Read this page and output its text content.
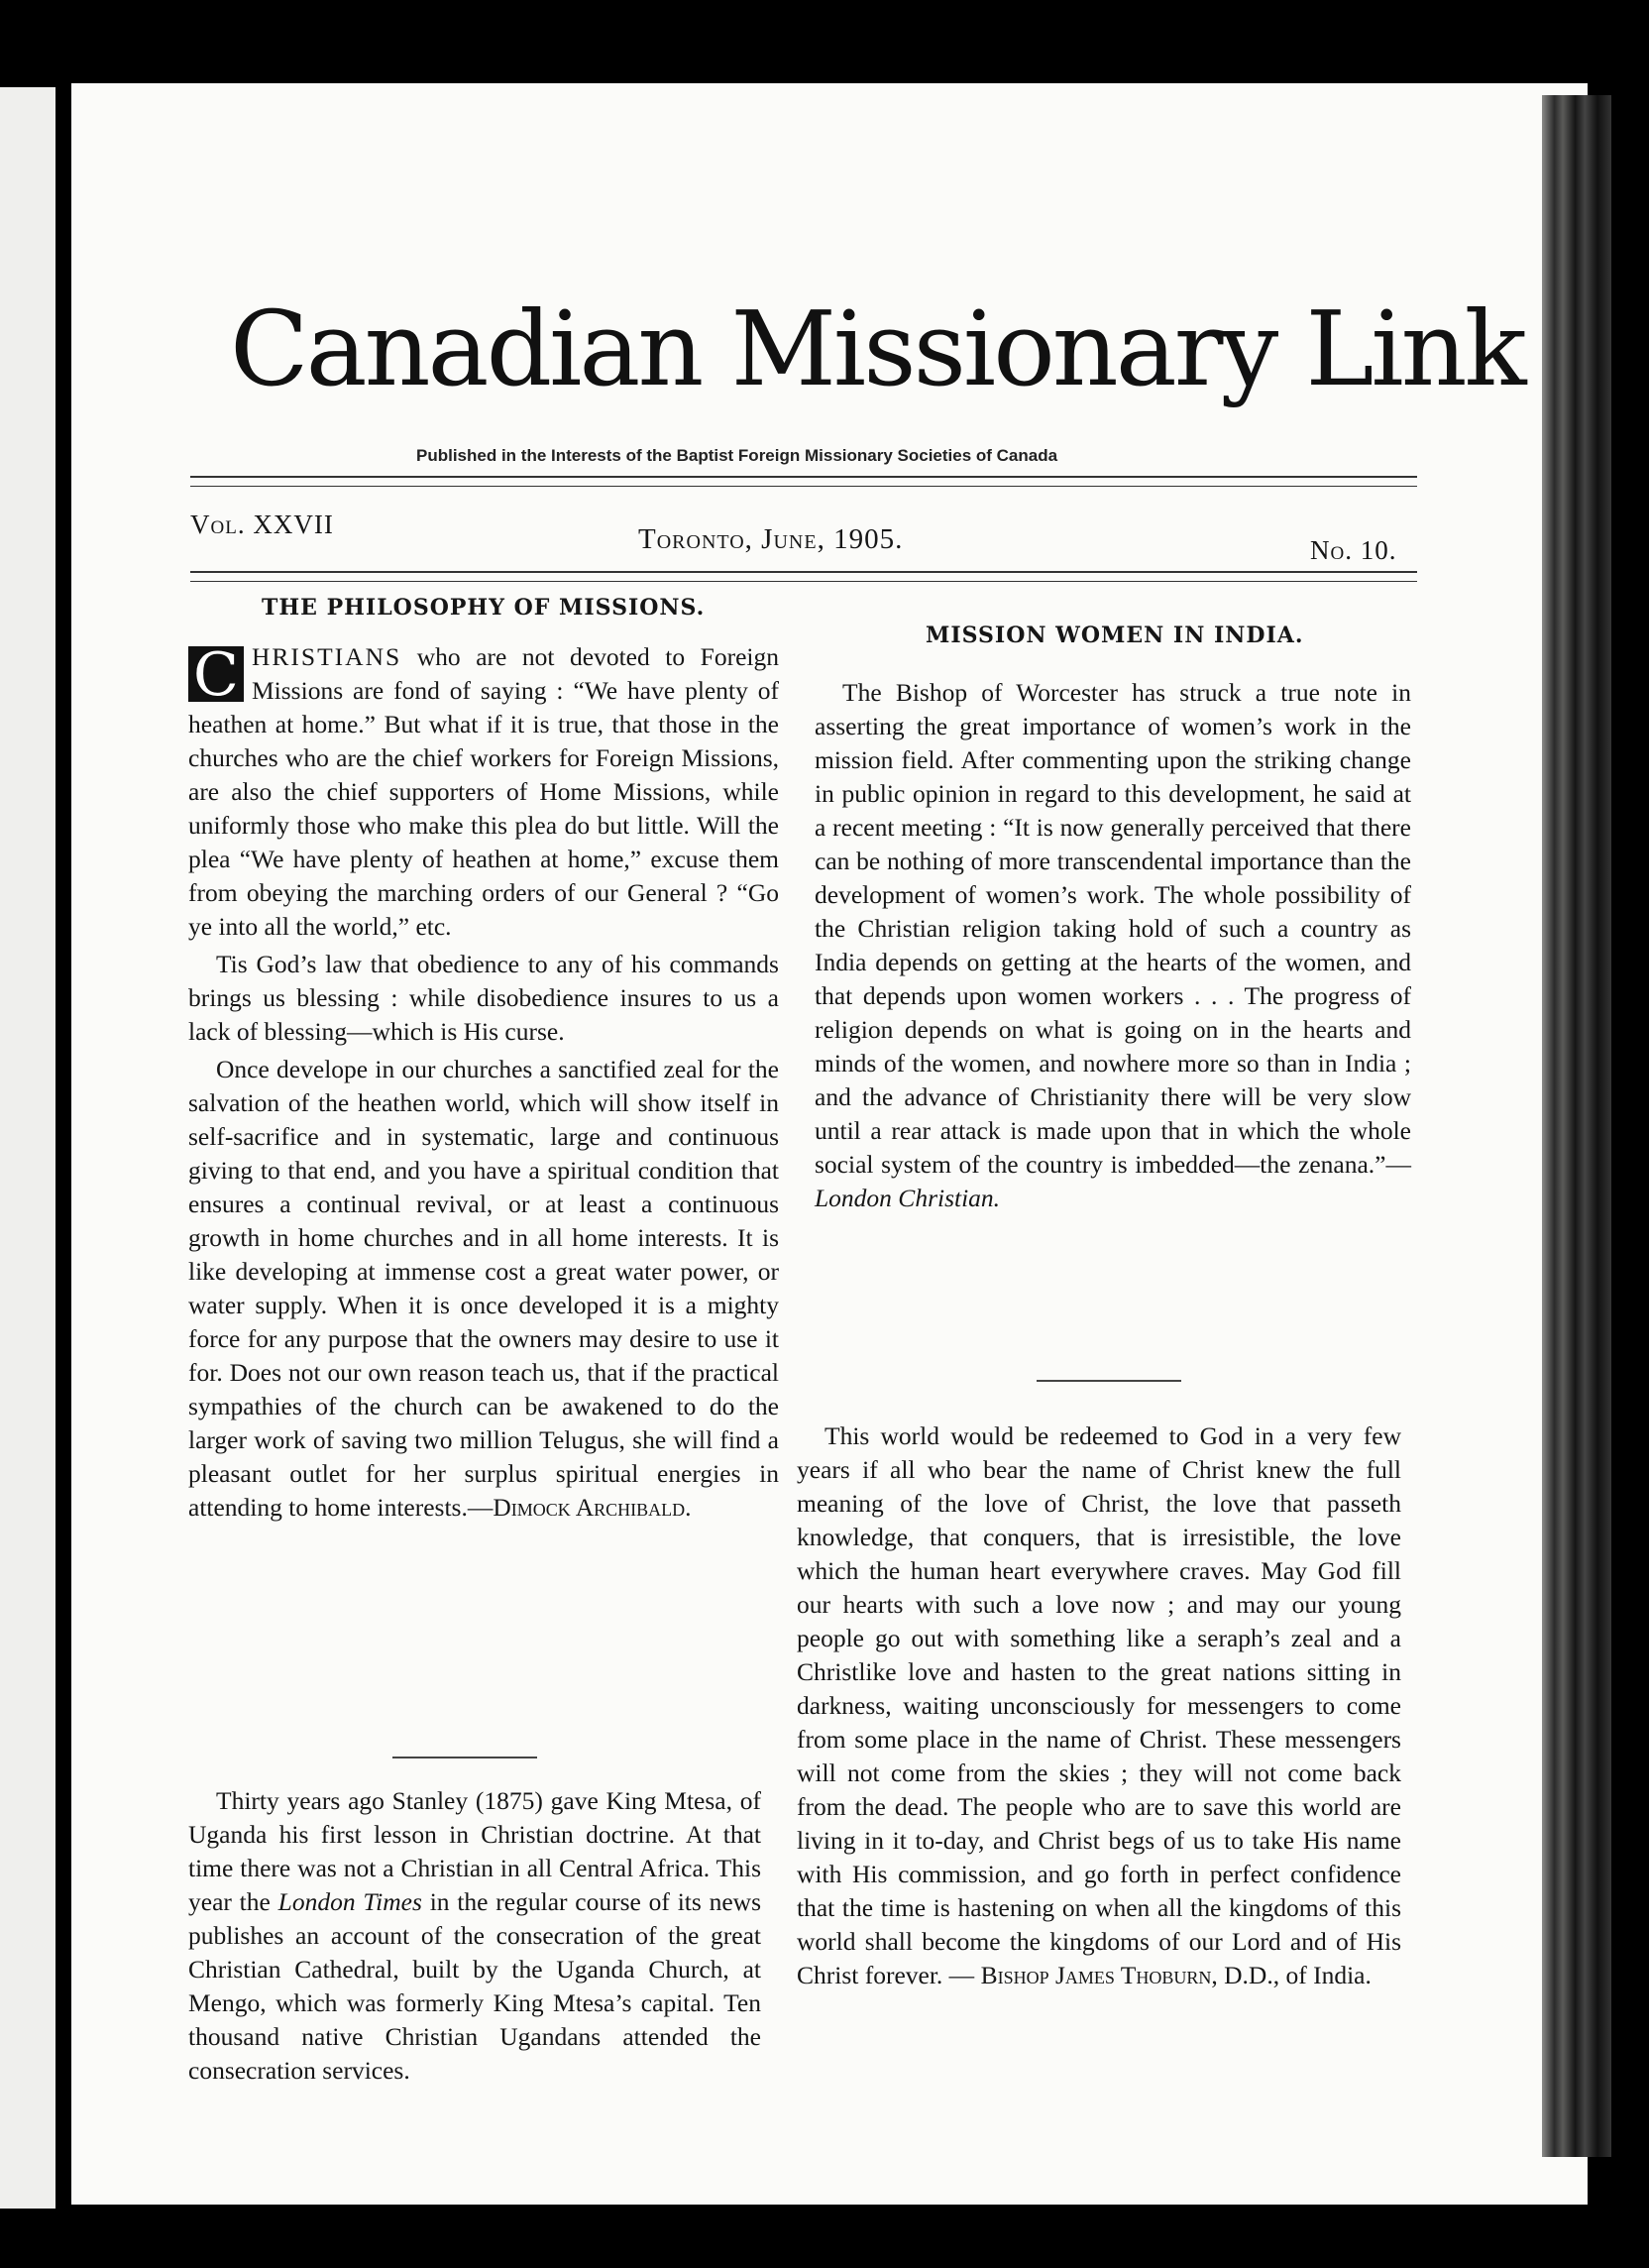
Canadian Missionary Link
Published in the Interests of the Baptist Foreign Missionary Societies of Canada
Vol. XXVII	Toronto, June, 1905.	No. 10.
THE PHILOSOPHY OF MISSIONS.

C HRISTIANS who are not devoted to Foreign Missions are fond of saying : “We have plenty of heathen at home.” But what if it is true, that those in the churches who are the chief workers for Foreign Missions, are also the chief supporters of Home Missions, while uniformly those who make this plea do but little. Will the plea “We have plenty of heathen at home,” excuse them from obeying the marching orders of our General ? “Go ye into all the world,” etc.

Tis God’s law that obedience to any of his commands brings us blessing : while disobedience insures to us a lack of blessing—which is His curse.

Once develope in our churches a sanctified zeal for the salvation of the heathen world, which will show itself in self-sacrifice and in systematic, large and continuous giving to that end, and you have a spiritual condition that ensures a continual revival, or at least a continuous growth in home churches and in all home interests. It is like developing at immense cost a great water power, or water supply. When it is once developed it is a mighty force for any purpose that the owners may desire to use it for. Does not our own reason teach us, that if the practical sympathies of the church can be awakened to do the larger work of saving two million Telugus, she will find a pleasant outlet for her surplus spiritual energies in attending to home interests.—Dimock Archibald.

Thirty years ago Stanley (1875) gave King Mtesa, of Uganda his first lesson in Christian doctrine. At that time there was not a Christian in all Central Africa. This year the London Times in the regular course of its news publishes an account of the consecration of the great Christian Cathedral, built by the Uganda Church, at Mengo, which was formerly King Mtesa’s capital. Ten thousand native Christian Ugandans attended the consecration services.

MISSION WOMEN IN INDIA.

The Bishop of Worcester has struck a true note in asserting the great importance of women’s work in the mission field. After commenting upon the striking change in public opinion in regard to this development, he said at a recent meeting : “It is now generally perceived that there can be nothing of more transcendental importance than the development of women’s work. The whole possibility of the Christian religion taking hold of such a country as India depends on getting at the hearts of the women, and that depends upon women workers . . . The progress of religion depends on what is going on in the hearts and minds of the women, and nowhere more so than in India ; and the advance of Christianity there will be very slow until a rear attack is made upon that in which the whole social system of the country is imbedded—the zenana.”—London Christian.

This world would be redeemed to God in a very few years if all who bear the name of Christ knew the full meaning of the love of Christ, the love that passeth knowledge, that conquers, that is irresistible, the love which the human heart everywhere craves. May God fill our hearts with such a love now ; and may our young people go out with something like a seraph’s zeal and a Christlike love and hasten to the great nations sitting in darkness, waiting unconsciously for messengers to come from some place in the name of Christ. These messengers will not come from the skies ; they will not come back from the dead. The people who are to save this world are living in it to-day, and Christ begs of us to take His name with His commission, and go forth in perfect confidence that the time is hastening on when all the kingdoms of this world shall become the kingdoms of our Lord and of His Christ forever. — Bishop James Thoburn, D.D., of India.
